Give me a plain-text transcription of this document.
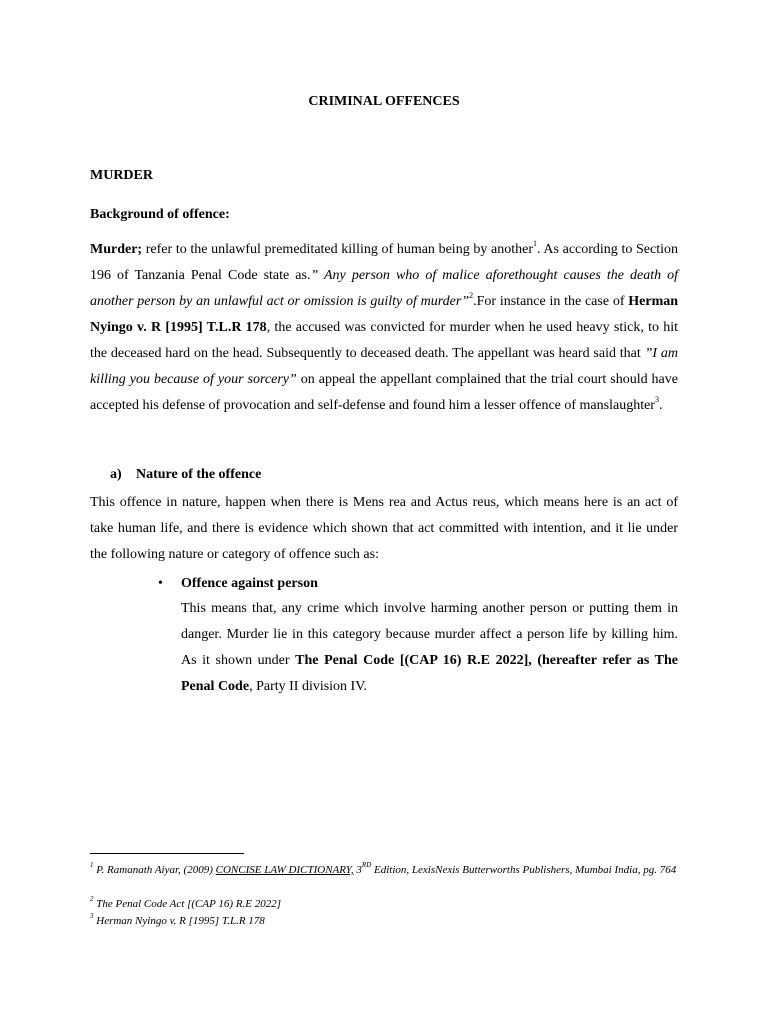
CRIMINAL OFFENCES
MURDER
Background of offence:
Murder; refer to the unlawful premeditated killing of human being by another$^1$. As according to Section 196 of Tanzania Penal Code state as.” Any person who of malice aforethought causes the death of another person by an unlawful act or omission is guilty of murder”$^2$.For instance in the case of Herman Nyingo v. R [1995] T.L.R 178, the accused was convicted for murder when he used heavy stick, to hit the deceased hard on the head. Subsequently to deceased death. The appellant was heard said that ”I am killing you because of your sorcery” on appeal the appellant complained that the trial court should have accepted his defense of provocation and self-defense and found him a lesser offence of manslaughter$^3$.
a) Nature of the offence
This offence in nature, happen when there is Mens rea and Actus reus, which means here is an act of take human life, and there is evidence which shown that act committed with intention, and it lie under the following nature or category of offence such as:
• Offence against person
This means that, any crime which involve harming another person or putting them in danger. Murder lie in this category because murder affect a person life by killing him. As it shown under The Penal Code [(CAP 16) R.E 2022], (hereafter refer as The Penal Code, Party II division IV.
$^1$ P. Ramanath Aiyar, (2009) CONCISE LAW DICTIONARY, 3RD Edition, LexisNexis Butterworths Publishers, Mumbai India, pg. 764
$^2$ The Penal Code Act [(CAP 16) R.E 2022]
$^3$ Herman Nyingo v. R [1995] T.L.R 178
